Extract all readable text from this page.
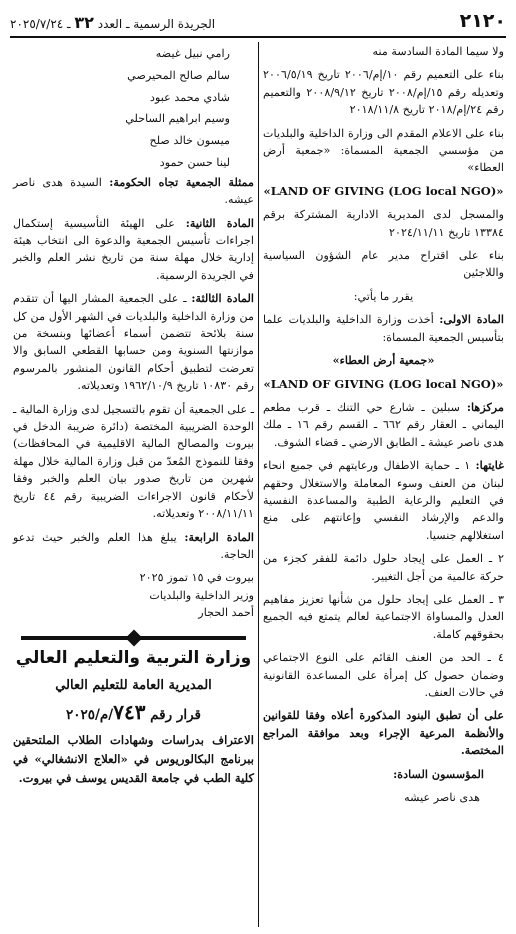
٢١٢٠
الجريدة الرسمية ـ العدد ٣٢ ـ ٢٠٢٥/٧/٢٤

ولا سيما المادة السادسة منه

بناء على التعميم رقم ١٠/إم/٢٠٠٦ تاريخ ٢٠٠٦/٥/١٩ وتعديله رقم ١٥/إم/٢٠٠٨ تاريخ ٢٠٠٨/٩/١٢ والتعميم رقم ٢٤/إم/٢٠١٨ تاريخ ٢٠١٨/١١/٨

بناء على الاعلام المقدم الى وزارة الداخلية والبلديات من مؤسسي الجمعية المسماة: «جمعية أرض العطاء»

«LAND OF GIVING (LOG local NGO)»

والمسجل لدى المديرية الادارية المشتركة برقم ١٣٣٨٤ تاريخ ٢٠٢٤/١١/١١

بناء على اقتراح مدير عام الشؤون السياسية واللاجئين

يقرر ما يأتي:

المادة الاولى: أخذت وزارة الداخلية والبلديات علما بتأسيس الجمعية المسماة:

«جمعية أرض العطاء»

«LAND OF GIVING (LOG local NGO)»

مركزها: سبلين ـ شارع حي التنك ـ قرب مطعم اليماني ـ العقار رقم ٦٦٢ ـ القسم رقم ١٦ ـ ملك هدى ناصر عيشة ـ الطابق الارضي ـ قضاء الشوف.

غايتها: ١ ـ حماية الاطفال ورعايتهم في جميع انحاء لبنان من العنف وسوء المعاملة والاستغلال وحقهم في التعليم والرعاية الطبية والمساعدة النفسية والدعم والإرشاد النفسي وإعانتهم على منع استغلالهم جنسيا.

٢ ـ العمل على إيجاد حلول دائمة للفقر كجزء من حركة عالمية من أجل التغيير.

٣ ـ العمل على إيجاد حلول من شأنها تعزيز مفاهيم العدل والمساواة الاجتماعية لعالم يتمتع فيه الجميع بحقوقهم كاملة.

٤ ـ الحد من العنف القائم على النوع الاجتماعي وضمان حصول كل إمرأة على المساعدة القانونية في حالات العنف.

على أن تطبق البنود المذكورة أعلاه وفقا للقوانين والأنظمة المرعية الإجراء وبعد موافقة المراجع المختصة.

المؤسسون السادة:

هدى ناصر عيشه

رامي نبيل غيضه

سالم صالح المحيرصي

شادي محمد عبود

وسيم ابراهيم الساحلي

ميسون خالد صلح

لينا حسن حمود

ممثلة الجمعية تجاه الحكومة: السيدة هدى ناصر عيشه.

المادة الثانية: على الهيئة التأسيسية إستكمال اجراءات تأسيس الجمعية والدعوة الى انتخاب هيئة إدارية خلال مهلة سنة من تاريخ نشر العلم والخبر في الجريدة الرسمية.

المادة الثالثة: ـ على الجمعية المشار اليها أن تتقدم من وزارة الداخلية والبلديات في الشهر الأول من كل سنة بلائحة تتضمن أسماء أعضائها وبنسخة من موازنتها السنوية ومن حسابها القطعي السابق والا تعرضت لتطبيق أحكام القانون المنشور بالمرسوم رقم ١٠٨٣٠ تاريخ ١٩٦٢/١٠/٩ وتعديلاته.

ـ على الجمعية أن تقوم بالتسجيل لدى وزارة المالية ـ الوحدة الضريبية المختصة (دائرة ضريبة الدخل في بيروت والمصالح المالية الاقليمية في المحافظات) وفقا للنموذج المُعدّ من قبل وزارة المالية خلال مهلة شهرين من تاريخ صدور بيان العلم والخبر وفقا لأحكام قانون الاجراءات الضريبية رقم ٤٤ تاريخ ٢٠٠٨/١١/١١ وتعديلاته.

المادة الرابعة: يبلغ هذا العلم والخبر حيث تدعو الحاجة.

بيروت في ١٥ تموز ٢٠٢٥

وزير الداخلية والبلديات

أحمد الحجار

وزارة التربية والتعليم العالي
المديرية العامة للتعليم العالي
قرار رقم ٧٤٣/م/٢٠٢٥

الاعتراف بدراسات وشهادات الطلاب الملتحقين ببرنامج البكالوريوس في «العلاج الانشغالي» في كلية الطب في جامعة القديس يوسف في بيروت.
